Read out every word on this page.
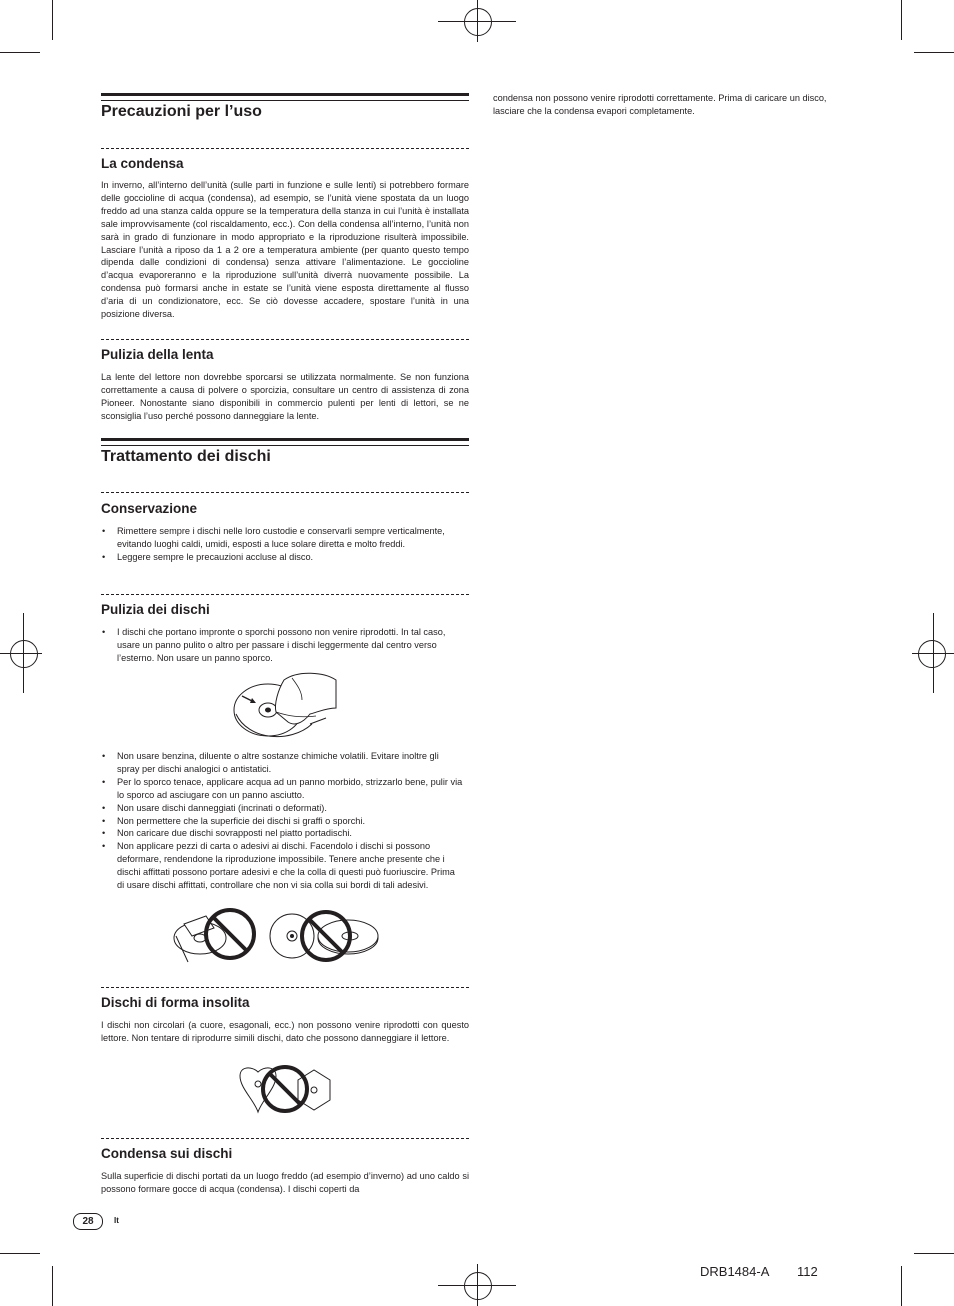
Precauzioni per l’uso
La condensa

In inverno, all’interno dell’unità (sulle parti in funzione e sulle lenti) si potrebbero formare delle goccioline di acqua (condensa), ad esempio, se l’unità viene spostata da un luogo freddo ad una stanza calda oppure se la temperatura della stanza in cui l’unità è installata sale improvvisamente (col riscaldamento, ecc.). Con della condensa all’interno, l’unità non sarà in grado di funzionare in modo appropriato e la riproduzione risulterà impossibile. Lasciare l’unità a riposo da 1 a 2 ore a temperatura ambiente (per quanto questo tempo dipenda dalle condizioni di condensa) senza attivare l’alimentazione. Le goccioline d’acqua evaporeranno e la riproduzione sull’unità diverrà nuovamente possibile. La condensa può formarsi anche in estate se l’unità viene esposta direttamente al flusso d’aria di un condizionatore, ecc. Se ciò dovesse accadere, spostare l’unità in una posizione diversa.

Pulizia della lenta

La lente del lettore non dovrebbe sporcarsi se utilizzata normalmente. Se non funziona correttamente a causa di polvere o sporcizia, consultare un centro di assistenza di zona Pioneer. Nonostante siano disponibili in commercio pulenti per lenti di lettori, se ne sconsiglia l’uso perché possono danneggiare la lente.

Trattamento dei dischi
Conservazione
• Rimettere sempre i dischi nelle loro custodie e conservarli sempre verticalmente, evitando luoghi caldi, umidi, esposti a luce solare diretta e molto freddi.
• Leggere sempre le precauzioni accluse al disco.
Pulizia dei dischi
• I dischi che portano impronte o sporchi possono non venire riprodotti. In tal caso, usare un panno pulito o altro per passare i dischi leggermente dal centro verso l’esterno. Non usare un panno sporco.
• Non usare benzina, diluente o altre sostanze chimiche volatili. Evitare inoltre gli spray per dischi analogici o antistatici.
• Per lo sporco tenace, applicare acqua ad un panno morbido, strizzarlo bene, pulir via lo sporco ad asciugare con un panno asciutto.
• Non usare dischi danneggiati (incrinati o deformati).
• Non permettere che la superficie dei dischi si graffi o sporchi.
• Non caricare due dischi sovrapposti nel piatto portadischi.
• Non applicare pezzi di carta o adesivi ai dischi. Facendolo i dischi si possono deformare, rendendone la riproduzione impossibile. Tenere anche presente che i dischi affittati possono portare adesivi e che la colla di questi può fuoriuscire. Prima di usare dischi affittati, controllare che non vi sia colla sui bordi di tali adesivi.
Dischi di forma insolita

I dischi non circolari (a cuore, esagonali, ecc.) non possono venire riprodotti con questo lettore. Non tentare di riprodurre simili dischi, dato che possono danneggiare il lettore.

Condensa sui dischi

Sulla superficie di dischi portati da un luogo freddo (ad esempio d’inverno) ad uno caldo si possono formare gocce di acqua (condensa). I dischi coperti da

condensa non possono venire riprodotti correttamente. Prima di caricare un disco, lasciare che la condensa evapori completamente.

28	It
DRB1484-A 112
